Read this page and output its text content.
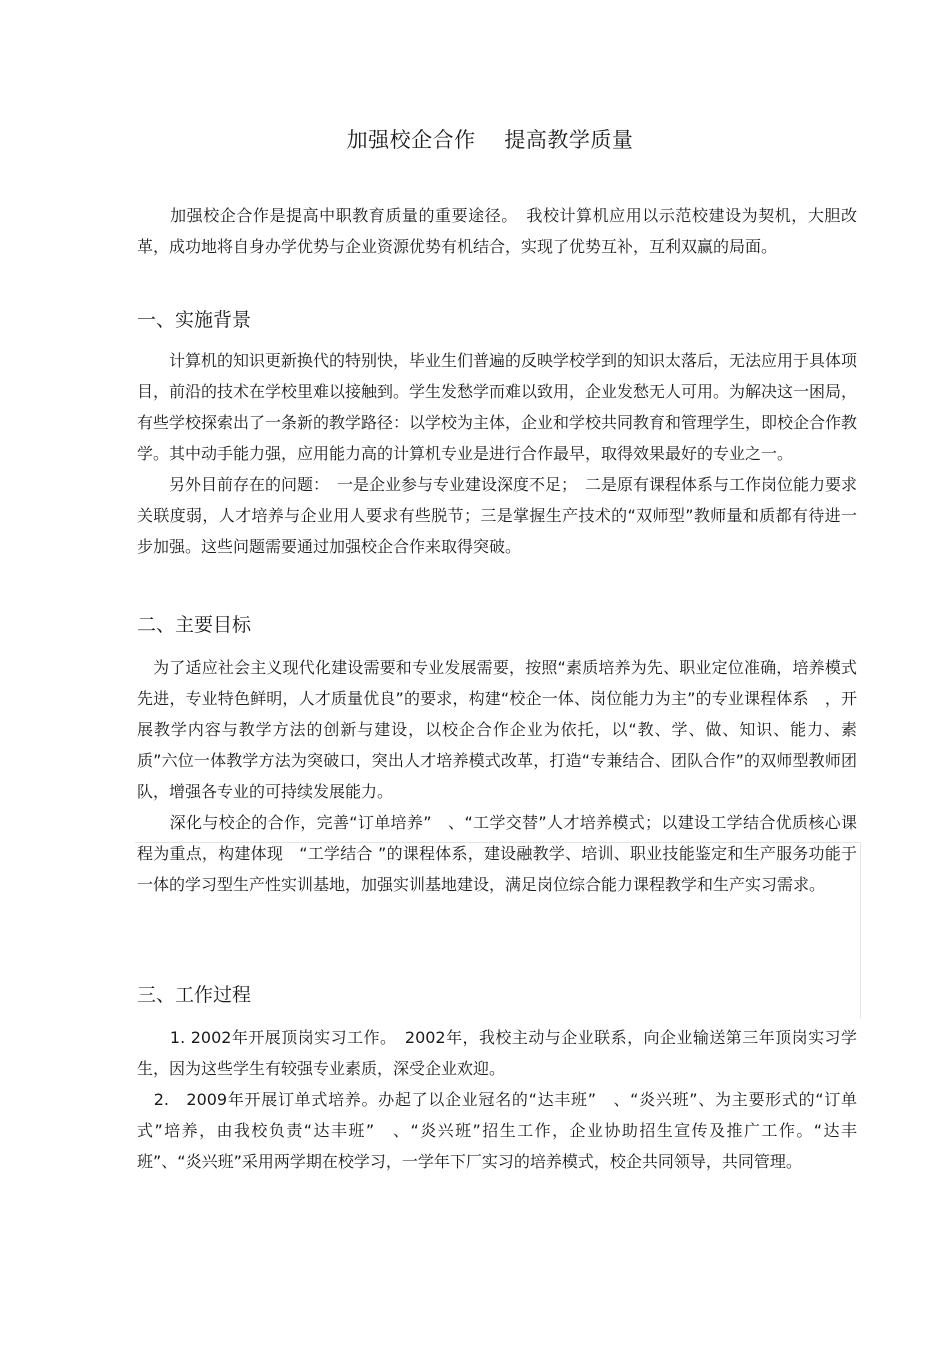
加强校企合作　 提高教学质量

　　加强校企合作是提高中职教育质量的重要途径。　我校计算机应用以示范校建设为契机，大胆改革，成功地将自身办学优势与企业资源优势有机结合，实现了优势互补，互利双赢的局面。

一、实施背景

　　计算机的知识更新换代的特别快，毕业生们普遍的反映学校学到的知识太落后，无法应用于具体项目，前沿的技术在学校里难以接触到。学生发愁学而难以致用，企业发愁无人可用。为解决这一困局，有些学校探索出了一条新的教学路径：以学校为主体，企业和学校共同教育和管理学生，即校企合作教学。其中动手能力强，应用能力高的计算机专业是进行合作最早，取得效果最好的专业之一。

　　另外目前存在的问题：　一是企业参与专业建设深度不足；　二是原有课程体系与工作岗位能力要求关联度弱，人才培养与企业用人要求有些脱节；三是掌握生产技术的“双师型”教师量和质都有待进一步加强。这些问题需要通过加强校企合作来取得突破。

二、主要目标

　为了适应社会主义现代化建设需要和专业发展需要，按照“素质培养为先、职业定位准确，培养模式先进，专业特色鲜明，人才质量优良”的要求，构建“校企一体、岗位能力为主”的专业课程体系　，开展教学内容与教学方法的创新与建设，以校企合作企业为依托，以“教、学、做、知识、能力、素质”六位一体教学方法为突破口，突出人才培养模式改革，打造“专兼结合、团队合作”的双师型教师团队，增强各专业的可持续发展能力。

　　深化与校企的合作，完善“订单培养”　、“工学交替”人才培养模式；以建设工学结合优质核心课程为重点，构建体现　“工学结合 ”的课程体系，建设融教学、培训、职业技能鉴定和生产服务功能于一体的学习型生产性实训基地，加强实训基地建设，满足岗位综合能力课程教学和生产实习需求。

三、工作过程

　　1. 2002年开展顶岗实习工作。　2002年，我校主动与企业联系，向企业输送第三年顶岗实习学生，因为这些学生有较强专业素质，深受企业欢迎。

　2.　2009年开展订单式培养。办起了以企业冠名的“达丰班”　、“炎兴班”、为主要形式的“订单式”培养，由我校负责“达丰班”　、“炎兴班”招生工作，企业协助招生宣传及推广工作。“达丰班”、“炎兴班”采用两学期在校学习，一学年下厂实习的培养模式，校企共同领导，共同管理。
